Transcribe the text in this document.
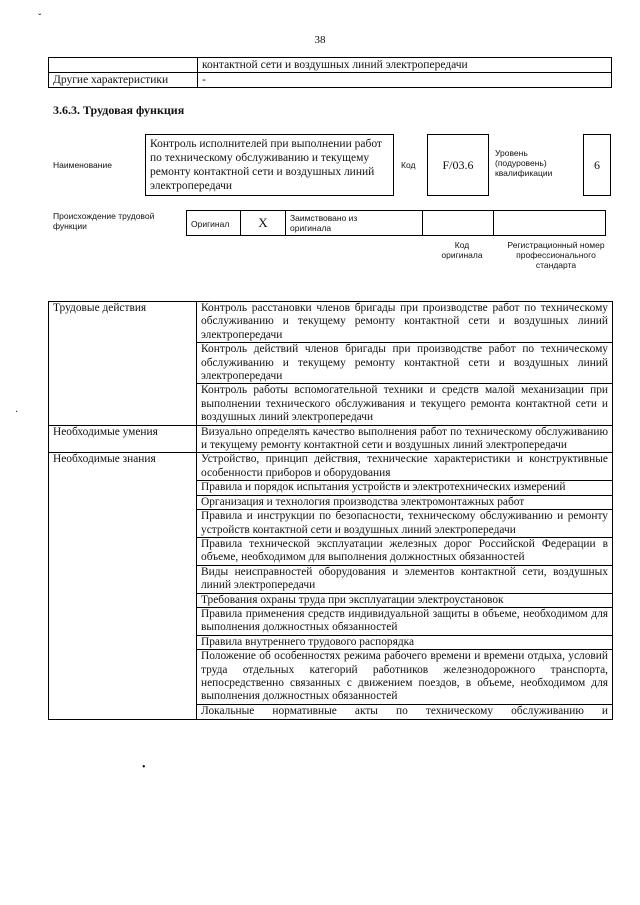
ˇ
·
•
38
	контактной сети и воздушных линий электропередачи
Другие характеристики	-
3.6.3. Трудовая функция
Наименование
Контроль исполнителей при выполнении работ по техническому обслуживанию и текущему ремонту контактной сети и воздушных линий электропередачи
Код	F/03.6
Уровень (подуровень) квалификации
6
Происхождение трудовой функции	Оригинал	X	Заимствовано из оригинала

Код оригинала
Регистрационный номер профессионального стандарта
Трудовые действия	Контроль расстановки членов бригады при производстве работ по техническому обслуживанию и текущему ремонту контактной сети и воздушных линий электропередачи
	Контроль действий членов бригады при производстве работ по техническому обслуживанию и текущему ремонту контактной сети и воздушных линий электропередачи
	Контроль работы вспомогательной техники и средств малой механизации при выполнении технического обслуживания и текущего ремонта контактной сети и воздушных линий электропередачи
Необходимые умения	Визуально определять качество выполнения работ по техническому обслуживанию и текущему ремонту контактной сети и воздушных линий электропередачи
Необходимые знания	Устройство, принцип действия, технические характеристики и конструктивные особенности приборов и оборудования
	Правила и порядок испытания устройств и электротехнических измерений
	Организация и технология производства электромонтажных работ
	Правила и инструкции по безопасности, техническому обслуживанию и ремонту устройств контактной сети и воздушных линий электропередачи
	Правила технической эксплуатации железных дорог Российской Федерации в объеме, необходимом для выполнения должностных обязанностей
	Виды неисправностей оборудования и элементов контактной сети, воздушных линий электропередачи
	Требования охраны труда при эксплуатации электроустановок
	Правила применения средств индивидуальной защиты в объеме, необходимом для выполнения должностных обязанностей
	Правила внутреннего трудового распорядка
	Положение об особенностях режима рабочего времени и времени отдыха, условий труда отдельных категорий работников железнодорожного транспорта, непосредственно связанных с движением поездов, в объеме, необходимом для выполнения должностных обязанностей

	Локальные нормативные акты по техническому обслуживанию и
